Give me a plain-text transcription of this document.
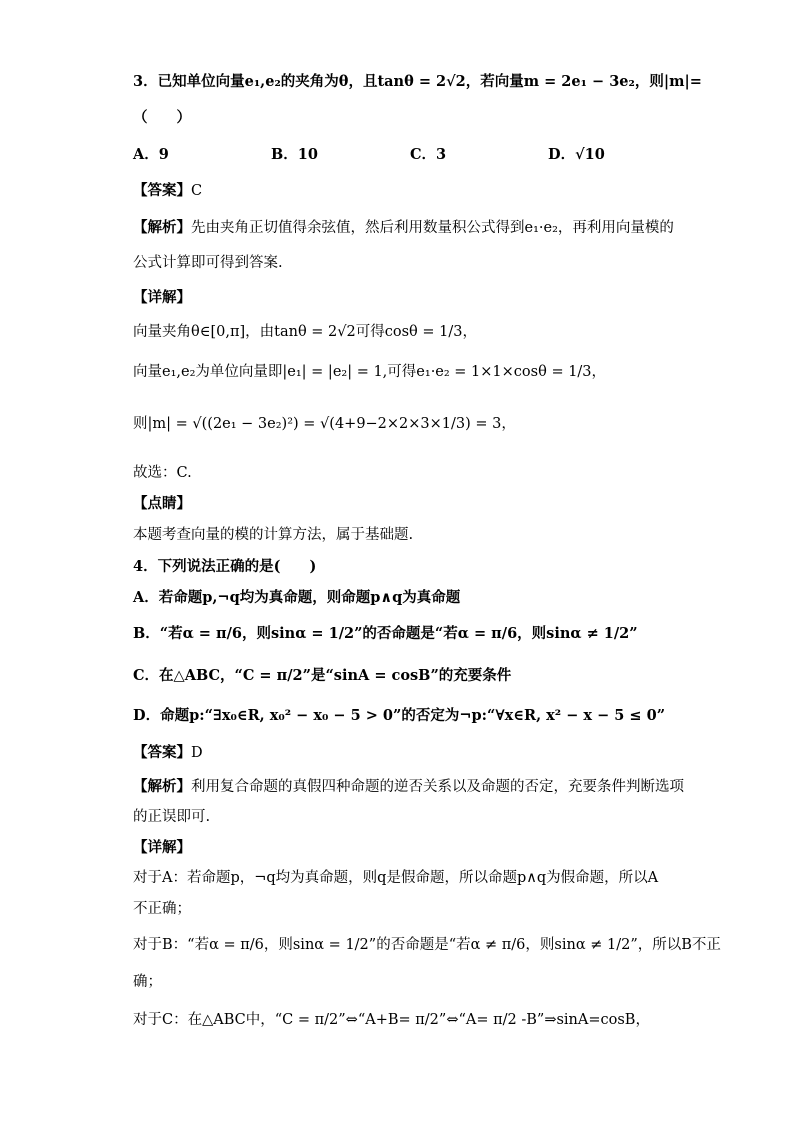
3．已知单位向量e₁,e₂的夹角为θ，且tanθ = 2√2，若向量m = 2e₁ − 3e₂，则|m|=
（　　）
A．9	B．10	C．3	D．√10
【答案】C
【解析】先由夹角正切值得余弦值，然后利用数量积公式得到e₁·e₂，再利用向量模的
公式计算即可得到答案.
【详解】
向量夹角θ∈[0,π]，由tanθ = 2√2可得cosθ = 1/3，
向量e₁,e₂为单位向量即|e₁| = |e₂| = 1,可得e₁·e₂ = 1×1×cosθ = 1/3，
则|m| = √((2e₁ − 3e₂)²) = √(4+9−2×2×3×1/3) = 3，
故选：C.
【点睛】
本题考查向量的模的计算方法，属于基础题.
4．下列说法正确的是(　　)
A．若命题p,¬q均为真命题，则命题p∧q为真命题
B．“若α = π/6，则sinα = 1/2”的否命题是“若α = π/6，则sinα ≠ 1/2”
C．在△ABC，“C = π/2”是“sinA = cosB”的充要条件
D．命题p:“∃x₀∈R, x₀² − x₀ − 5 > 0”的否定为¬p:“∀x∈R, x² − x − 5 ≤ 0”
【答案】D
【解析】利用复合命题的真假四种命题的逆否关系以及命题的否定，充要条件判断选项
的正误即可.
【详解】
对于A：若命题p，¬q均为真命题，则q是假命题，所以命题p∧q为假命题，所以A
不正确；
对于B：“若α = π/6，则sinα = 1/2”的否命题是“若α ≠ π/6，则sinα ≠ 1/2”，所以B不正
确；
对于C：在△ABC中，“C = π/2”⇔“A+B= π/2”⇔“A= π/2 -B”⇒sinA=cosB，
